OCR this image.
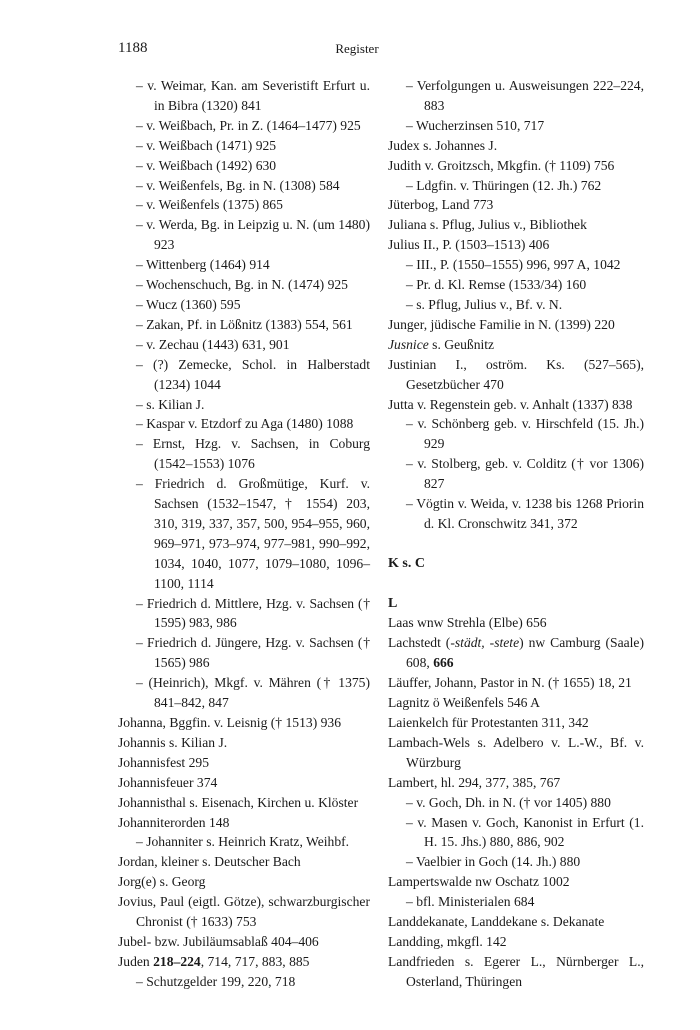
1188	Register
– v. Weimar, Kan. am Severistift Erfurt u. in Bibra (1320) 841
– v. Weißbach, Pr. in Z. (1464–1477) 925
– v. Weißbach (1471) 925
– v. Weißbach (1492) 630
– v. Weißenfels, Bg. in N. (1308) 584
– v. Weißenfels (1375) 865
– v. Werda, Bg. in Leipzig u. N. (um 1480) 923
– Wittenberg (1464) 914
– Wochenschuch, Bg. in N. (1474) 925
– Wucz (1360) 595
– Zakan, Pf. in Lößnitz (1383) 554, 561
– v. Zechau (1443) 631, 901
– (?) Zemecke, Schol. in Halberstadt (1234) 1044
– s. Kilian J.
– Kaspar v. Etzdorf zu Aga (1480) 1088
– Ernst, Hzg. v. Sachsen, in Coburg (1542–1553) 1076
– Friedrich d. Großmütige, Kurf. v. Sachsen (1532–1547, † 1554) 203, 310, 319, 337, 357, 500, 954–955, 960, 969–971, 973–974, 977–981, 990–992, 1034, 1040, 1077, 1079–1080, 1096–1100, 1114
– Friedrich d. Mittlere, Hzg. v. Sachsen († 1595) 983, 986
– Friedrich d. Jüngere, Hzg. v. Sachsen († 1565) 986
– (Heinrich), Mkgf. v. Mähren († 1375) 841–842, 847
Johanna, Bggfin. v. Leisnig († 1513) 936
Johannis s. Kilian J.
Johannisfest 295
Johannisfeuer 374
Johannisthal s. Eisenach, Kirchen u. Klöster
Johanniterorden 148
– Johanniter s. Heinrich Kratz, Weihbf.
Jordan, kleiner s. Deutscher Bach
Jorg(e) s. Georg
Jovius, Paul (eigtl. Götze), schwarzburgischer Chronist († 1633) 753
Jubel- bzw. Jubiläumsablaß 404–406
Juden 218–224, 714, 717, 883, 885
– Schutzgelder 199, 220, 718
– Verfolgungen u. Ausweisungen 222–224, 883
– Wucherzinsen 510, 717
Judex s. Johannes J.
Judith v. Groitzsch, Mkgfin. († 1109) 756
– Ldgfin. v. Thüringen (12. Jh.) 762
Jüterbog, Land 773
Juliana s. Pflug, Julius v., Bibliothek
Julius II., P. (1503–1513) 406
– III., P. (1550–1555) 996, 997 A, 1042
– Pr. d. Kl. Remse (1533/34) 160
– s. Pflug, Julius v., Bf. v. N.
Junger, jüdische Familie in N. (1399) 220
Jusnice s. Geußnitz
Justinian I., oström. Ks. (527–565), Gesetzbücher 470
Jutta v. Regenstein geb. v. Anhalt (1337) 838
– v. Schönberg geb. v. Hirschfeld (15. Jh.) 929
– v. Stolberg, geb. v. Colditz († vor 1306) 827
– Vögtin v. Weida, v. 1238 bis 1268 Priorin d. Kl. Cronschwitz 341, 372
K s. C
L
Laas wnw Strehla (Elbe) 656
Lachstedt (-städt, -stete) nw Camburg (Saale) 608, 666
Läuffer, Johann, Pastor in N. († 1655) 18, 21
Lagnitz ö Weißenfels 546 A
Laienkelch für Protestanten 311, 342
Lambach-Wels s. Adelbero v. L.-W., Bf. v. Würzburg
Lambert, hl. 294, 377, 385, 767
– v. Goch, Dh. in N. († vor 1405) 880
– v. Masen v. Goch, Kanonist in Erfurt (1. H. 15. Jhs.) 880, 886, 902
– Vaelbier in Goch (14. Jh.) 880
Lampertswalde nw Oschatz 1002
– bfl. Ministerialen 684
Landdekanate, Landdekane s. Dekanate
Landding, mkgfl. 142
Landfrieden s. Egerer L., Nürnberger L., Osterland, Thüringen
